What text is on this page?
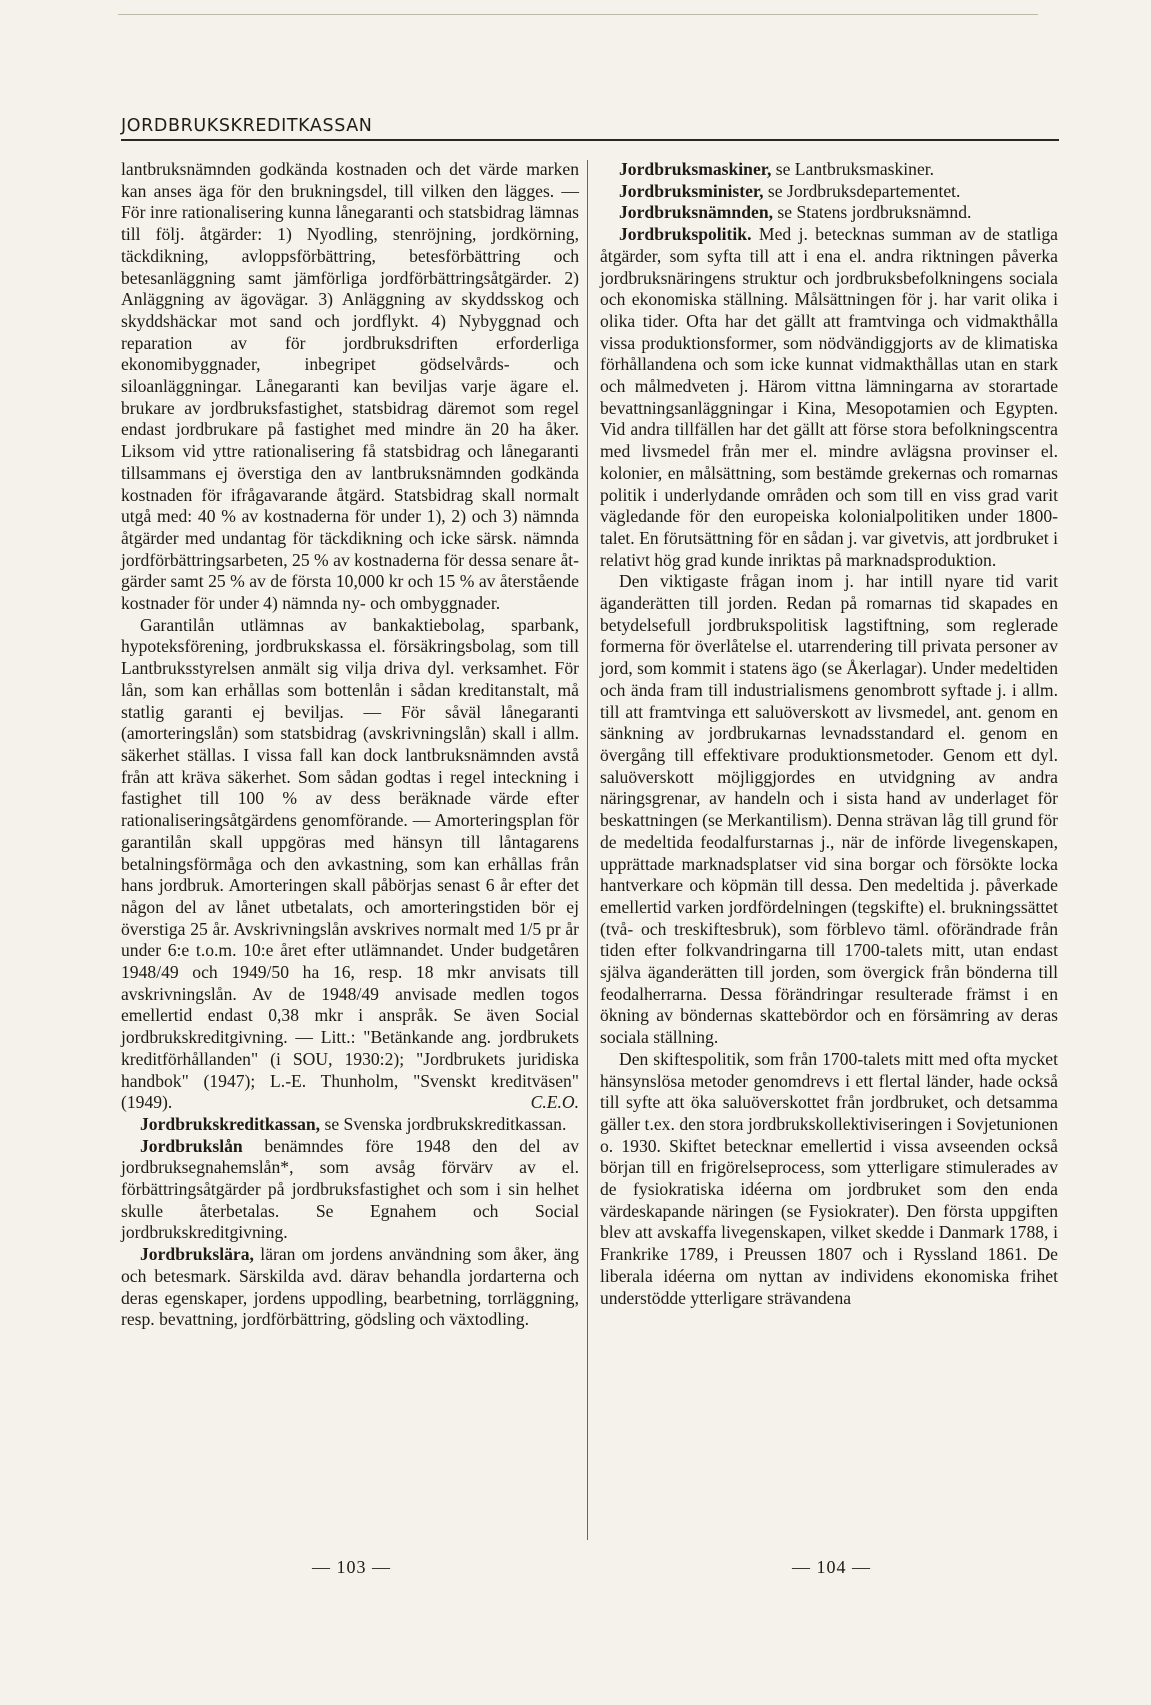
JORDBRUKSKREDITKASSAN

lantbruksnämnden godkända kostnaden och det värde marken kan anses äga för den brukningsdel, till vilken den lägges. — För inre rationalisering kunna lånegaranti och statsbidrag lämnas till följ. åtgärder: 1) Nyodling, stenröjning, jordkörning, täckdikning, avloppsförbättring, betesförbättring och betesanläggning samt jämförliga jordförbättringsåtgärder. 2) Anläggning av ägovägar. 3) Anläggning av skyddsskog och skyddshäckar mot sand och jordflykt. 4) Nybyggnad och reparation av för jordbruksdriften erforderliga ekonomibyggnader, inbegripet gödselvårds- och siloanläggningar. Lånegaranti kan beviljas varje ägare el. brukare av jordbruksfastighet, statsbidrag däremot som regel endast jordbrukare på fastighet med mindre än 20 ha åker. Liksom vid yttre rationalisering få statsbidrag och lånegaranti tillsammans ej överstiga den av lantbruksnämnden godkända kostnaden för ifrågavarande åtgärd. Statsbidrag skall normalt utgå med: 40 % av kostnaderna för under 1), 2) och 3) nämnda åtgärder med undantag för täckdikning och icke särsk. nämnda jordförbättringsarbeten, 25 % av kostnaderna för dessa senare åtgärder samt 25 % av de första 10,000 kr och 15 % av återstående kostnader för under 4) nämnda ny- och ombyggnader.

Garantilån utlämnas av bankaktiebolag, sparbank, hypoteksförening, jordbrukskassa el. försäkringsbolag, som till Lantbruksstyrelsen anmält sig vilja driva dyl. verksamhet. För lån, som kan erhållas som bottenlån i sådan kreditanstalt, må statlig garanti ej beviljas. — För såväl lånegaranti (amorteringslån) som statsbidrag (avskrivningslån) skall i allm. säkerhet ställas. I vissa fall kan dock lantbruksnämnden avstå från att kräva säkerhet. Som sådan godtas i regel inteckning i fastighet till 100 % av dess beräknade värde efter rationaliseringsåtgärdens genomförande. — Amorteringsplan för garantilån skall uppgöras med hänsyn till låntagarens betalningsförmåga och den avkastning, som kan erhållas från hans jordbruk. Amorteringen skall påbörjas senast 6 år efter det någon del av lånet utbetalats, och amorteringstiden bör ej överstiga 25 år. Avskrivningslån avskrives normalt med 1/5 pr år under 6:e t.o.m. 10:e året efter utlämnandet. Under budgetåren 1948/49 och 1949/50 ha 16, resp. 18 mkr anvisats till avskrivningslån. Av de 1948/49 anvisade medlen togos emellertid endast 0,38 mkr i anspråk. Se även Social jordbrukskreditgivning. — Litt.: "Betänkande ang. jordbrukets kreditförhållanden" (i SOU, 1930:2); "Jordbrukets juridiska handbok" (1947); L.-E. Thunholm, "Svenskt kreditväsen" (1949).	C.E.O.

Jordbrukskreditkassan, se Svenska jordbrukskreditkassan.

Jordbrukslån benämndes före 1948 den del av jordbruksegnahemslån*, som avsåg förvärv av el. förbättringsåtgärder på jordbruksfastighet och som i sin helhet skulle återbetalas. Se Egnahem och Social jordbrukskreditgivning.

Jordbrukslära, läran om jordens användning som åker, äng och betesmark. Särskilda avd. därav behandla jordarterna och deras egenskaper, jordens uppodling, bearbetning, torrläggning, resp. bevattning, jordförbättring, gödsling och växtodling.

Jordbruksmaskiner, se Lantbruksmaskiner.

Jordbruksminister, se Jordbruksdepartementet.

Jordbruksnämnden, se Statens jordbruksnämnd.

Jordbrukspolitik. Med j. betecknas summan av de statliga åtgärder, som syfta till att i ena el. andra riktningen påverka jordbruksnäringens struktur och jordbruksbefolkningens sociala och ekonomiska ställning. Målsättningen för j. har varit olika i olika tider. Ofta har det gällt att framtvinga och vidmakthålla vissa produktionsformer, som nödvändiggjorts av de klimatiska förhållandena och som icke kunnat vidmakthållas utan en stark och målmedveten j. Härom vittna lämningarna av storartade bevattningsanläggningar i Kina, Mesopotamien och Egypten. Vid andra tillfällen har det gällt att förse stora befolkningscentra med livsmedel från mer el. mindre avlägsna provinser el. kolonier, en målsättning, som bestämde grekernas och romarnas politik i underlydande områden och som till en viss grad varit vägledande för den europeiska kolonialpolitiken under 1800-talet. En förutsättning för en sådan j. var givetvis, att jordbruket i relativt hög grad kunde inriktas på marknadsproduktion.

Den viktigaste frågan inom j. har intill nyare tid varit äganderätten till jorden. Redan på romarnas tid skapades en betydelsefull jordbrukspolitisk lagstiftning, som reglerade formerna för överlåtelse el. utarrendering till privata personer av jord, som kommit i statens ägo (se Åkerlagar). Under medeltiden och ända fram till industrialismens genombrott syftade j. i allm. till att framtvinga ett saluöverskott av livsmedel, ant. genom en sänkning av jordbrukarnas levnadsstandard el. genom en övergång till effektivare produktionsmetoder. Genom ett dyl. saluöverskott möjliggjordes en utvidgning av andra näringsgrenar, av handeln och i sista hand av underlaget för beskattningen (se Merkantilism). Denna strävan låg till grund för de medeltida feodalfurstarnas j., när de införde livegenskapen, upprättade marknadsplatser vid sina borgar och försökte locka hantverkare och köpmän till dessa. Den medeltida j. påverkade emellertid varken jordfördelningen (tegskifte) el. brukningssättet (två- och treskiftesbruk), som förblevo täml. oförändrade från tiden efter folkvandringarna till 1700-talets mitt, utan endast själva äganderätten till jorden, som övergick från bönderna till feodalherrarna. Dessa förändringar resulterade främst i en ökning av böndernas skattebördor och en försämring av deras sociala ställning.

Den skiftespolitik, som från 1700-talets mitt med ofta mycket hänsynslösa metoder genomdrevs i ett flertal länder, hade också till syfte att öka saluöverskottet från jordbruket, och detsamma gäller t.ex. den stora jordbrukskollektiviseringen i Sovjetunionen o. 1930. Skiftet betecknar emellertid i vissa avseenden också början till en frigörelseprocess, som ytterligare stimulerades av de fysiokratiska idéerna om jordbruket som den enda värdeskapande näringen (se Fysiokrater). Den första uppgiften blev att avskaffa livegenskapen, vilket skedde i Danmark 1788, i Frankrike 1789, i Preussen 1807 och i Ryssland 1861. De liberala idéerna om nyttan av individens ekonomiska frihet understödde ytterligare strävandena

— 103 —	— 104 —
